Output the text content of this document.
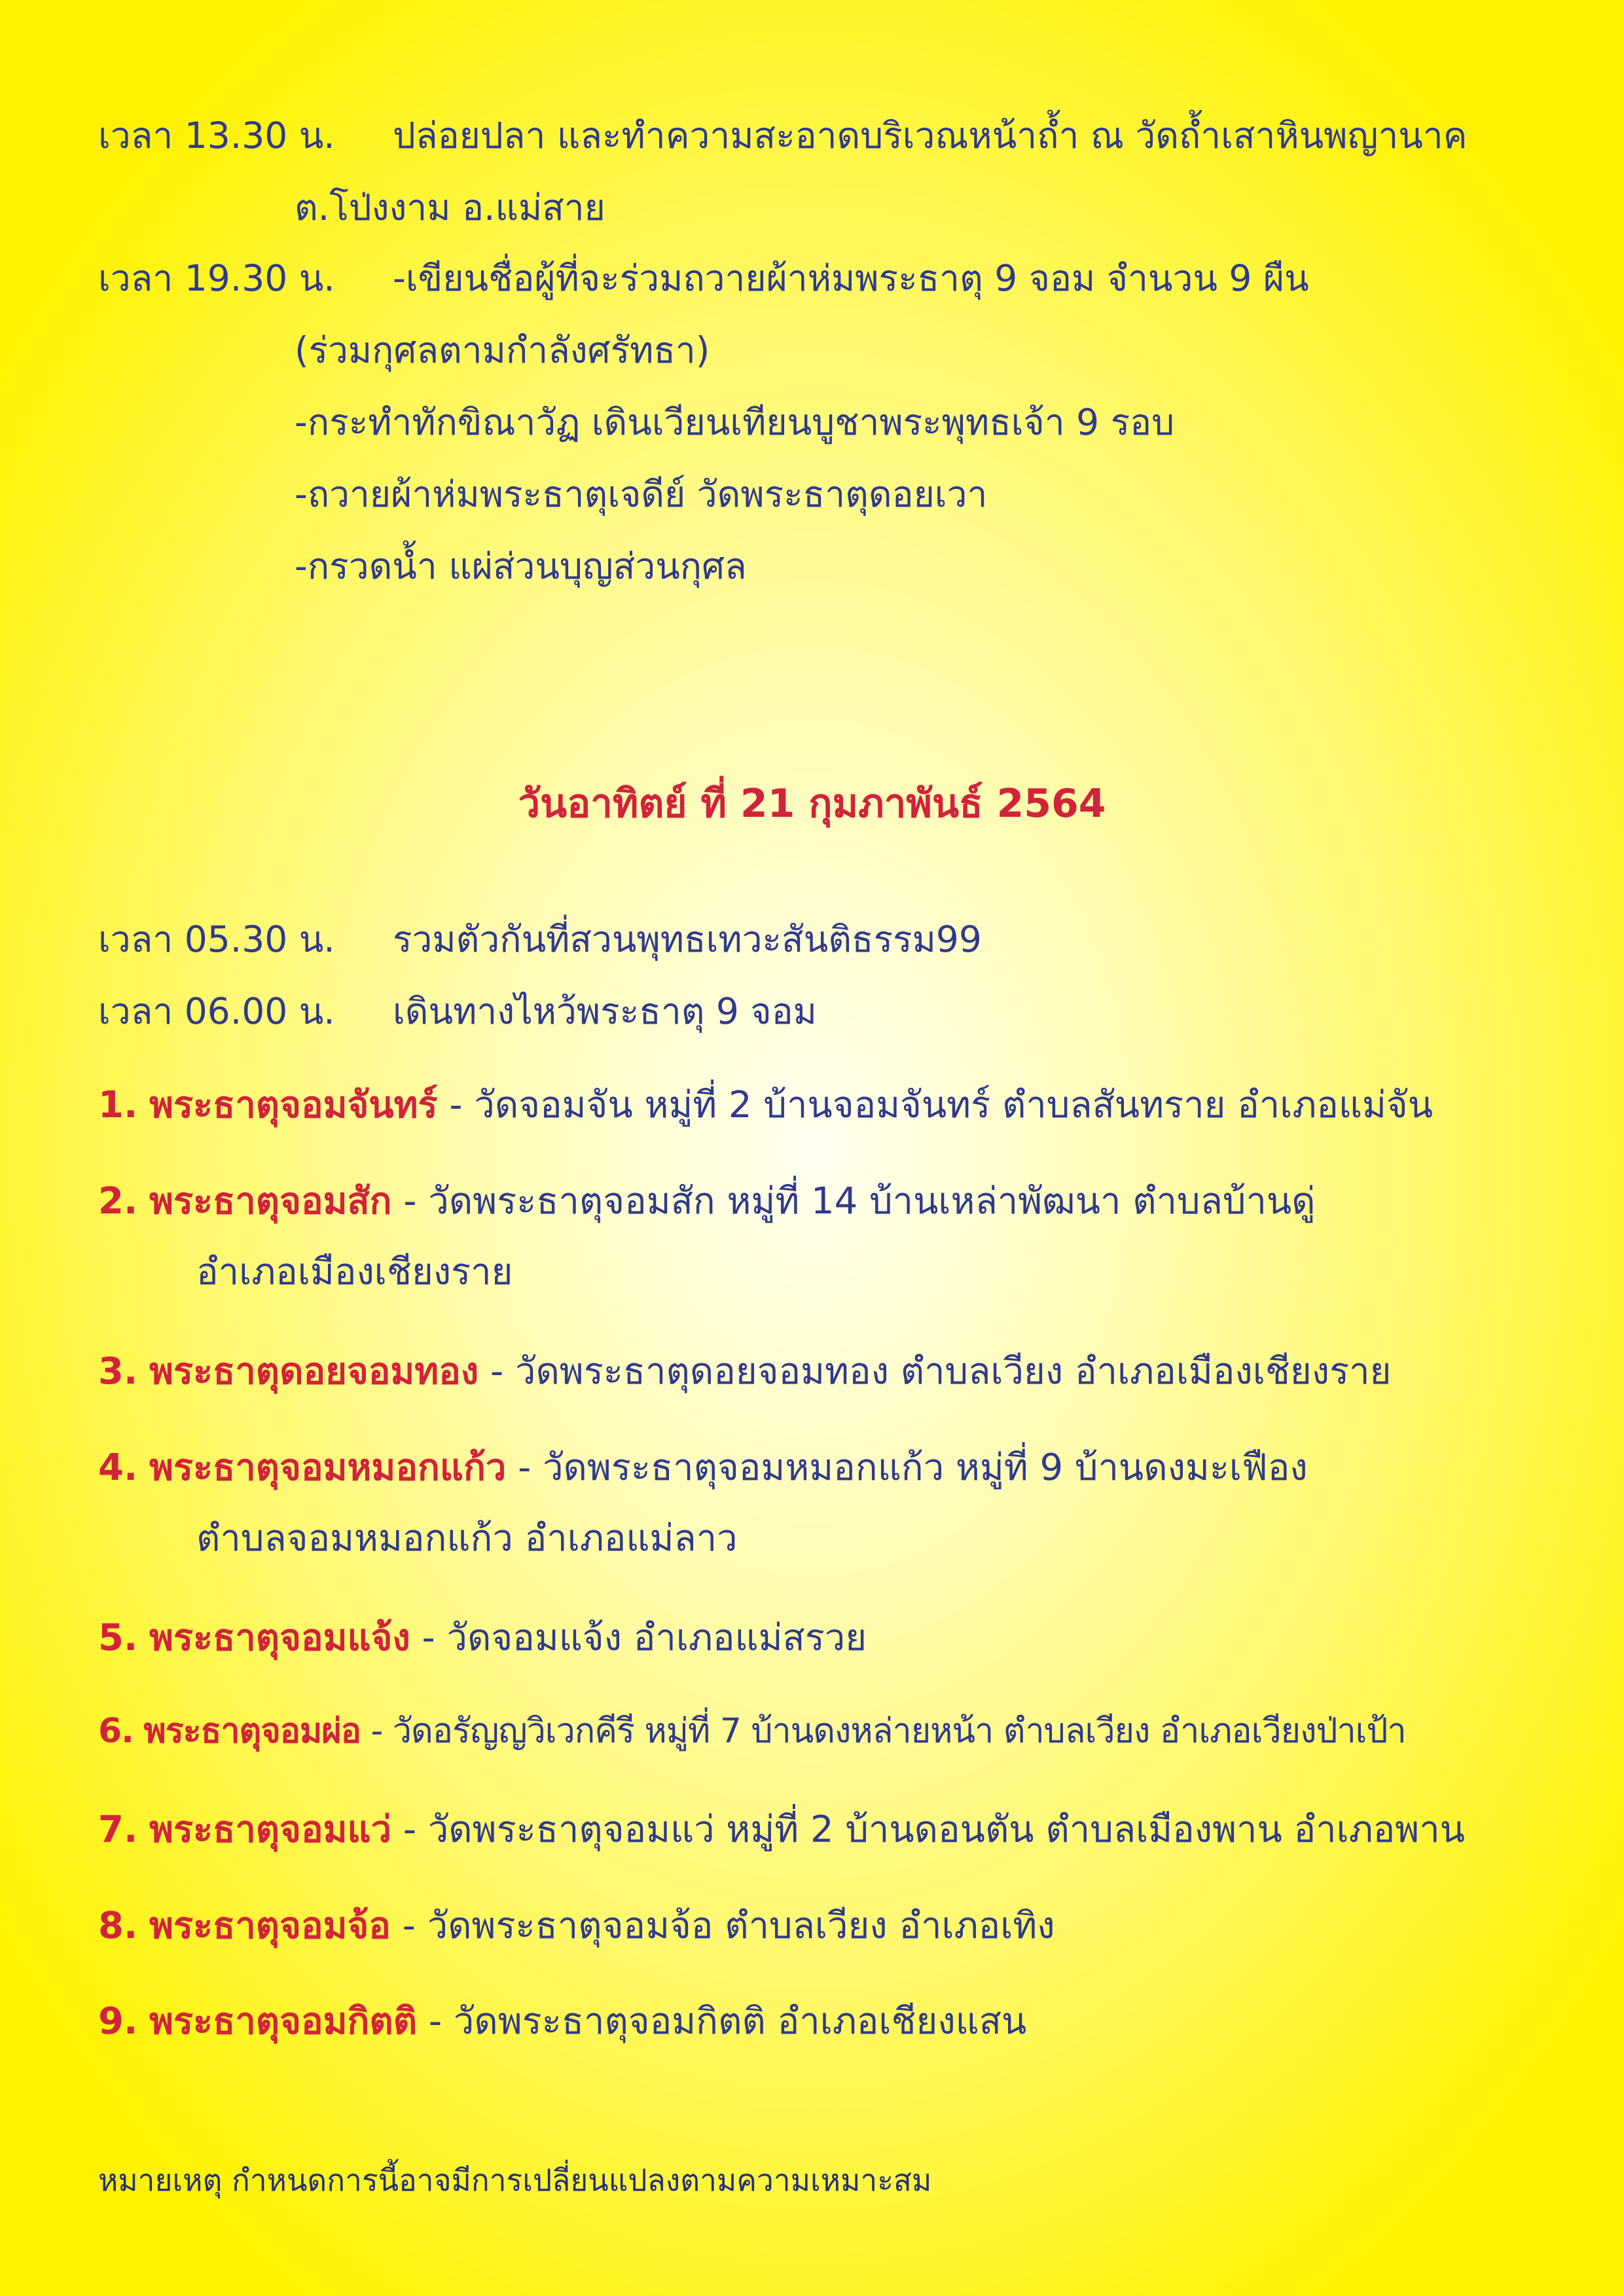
เวลา 13.30 น. ปล่อยปลา และทำความสะอาดบริเวณหน้าถ้ำ ณ วัดถ้ำเสาหินพญานาค
ต.โป่งงาม อ.แม่สาย
เวลา 19.30 น. -เขียนชื่อผู้ที่จะร่วมถวายผ้าห่มพระธาตุ 9 จอม จำนวน 9 ผืน
(ร่วมกุศลตามกำลังศรัทธา)
-กระทำทักขิณาวัฏ เดินเวียนเทียนบูชาพระพุทธเจ้า 9 รอบ
-ถวายผ้าห่มพระธาตุเจดีย์ วัดพระธาตุดอยเวา
-กรวดน้ำ แผ่ส่วนบุญส่วนกุศล
วันอาทิตย์ ที่ 21 กุมภาพันธ์ 2564
เวลา 05.30 น. รวมตัวกันที่สวนพุทธเทวะสันติธรรม99
เวลา 06.00 น. เดินทางไหว้พระธาตุ 9 จอม
1. พระธาตุจอมจันทร์ - วัดจอมจัน หมู่ที่ 2 บ้านจอมจันทร์ ตำบลสันทราย อำเภอแม่จัน
2. พระธาตุจอมสัก - วัดพระธาตุจอมสัก หมู่ที่ 14 บ้านเหล่าพัฒนา ตำบลบ้านดู่
อำเภอเมืองเชียงราย
3. พระธาตุดอยจอมทอง - วัดพระธาตุดอยจอมทอง ตำบลเวียง อำเภอเมืองเชียงราย
4. พระธาตุจอมหมอกแก้ว - วัดพระธาตุจอมหมอกแก้ว หมู่ที่ 9 บ้านดงมะเฟือง
ตำบลจอมหมอกแก้ว อำเภอแม่ลาว
5. พระธาตุจอมแจ้ง - วัดจอมแจ้ง อำเภอแม่สรวย
6. พระธาตุจอมผ่อ - วัดอรัญญวิเวกคีรี หมู่ที่ 7 บ้านดงหล่ายหน้า ตำบลเวียง อำเภอเวียงป่าเป้า
7. พระธาตุจอมแว่ - วัดพระธาตุจอมแว่ หมู่ที่ 2 บ้านดอนตัน ตำบลเมืองพาน อำเภอพาน
8. พระธาตุจอมจ้อ - วัดพระธาตุจอมจ้อ ตำบลเวียง อำเภอเทิง
9. พระธาตุจอมกิตติ - วัดพระธาตุจอมกิตติ อำเภอเชียงแสน
หมายเหตุ กำหนดการนี้อาจมีการเปลี่ยนแปลงตามความเหมาะสม
